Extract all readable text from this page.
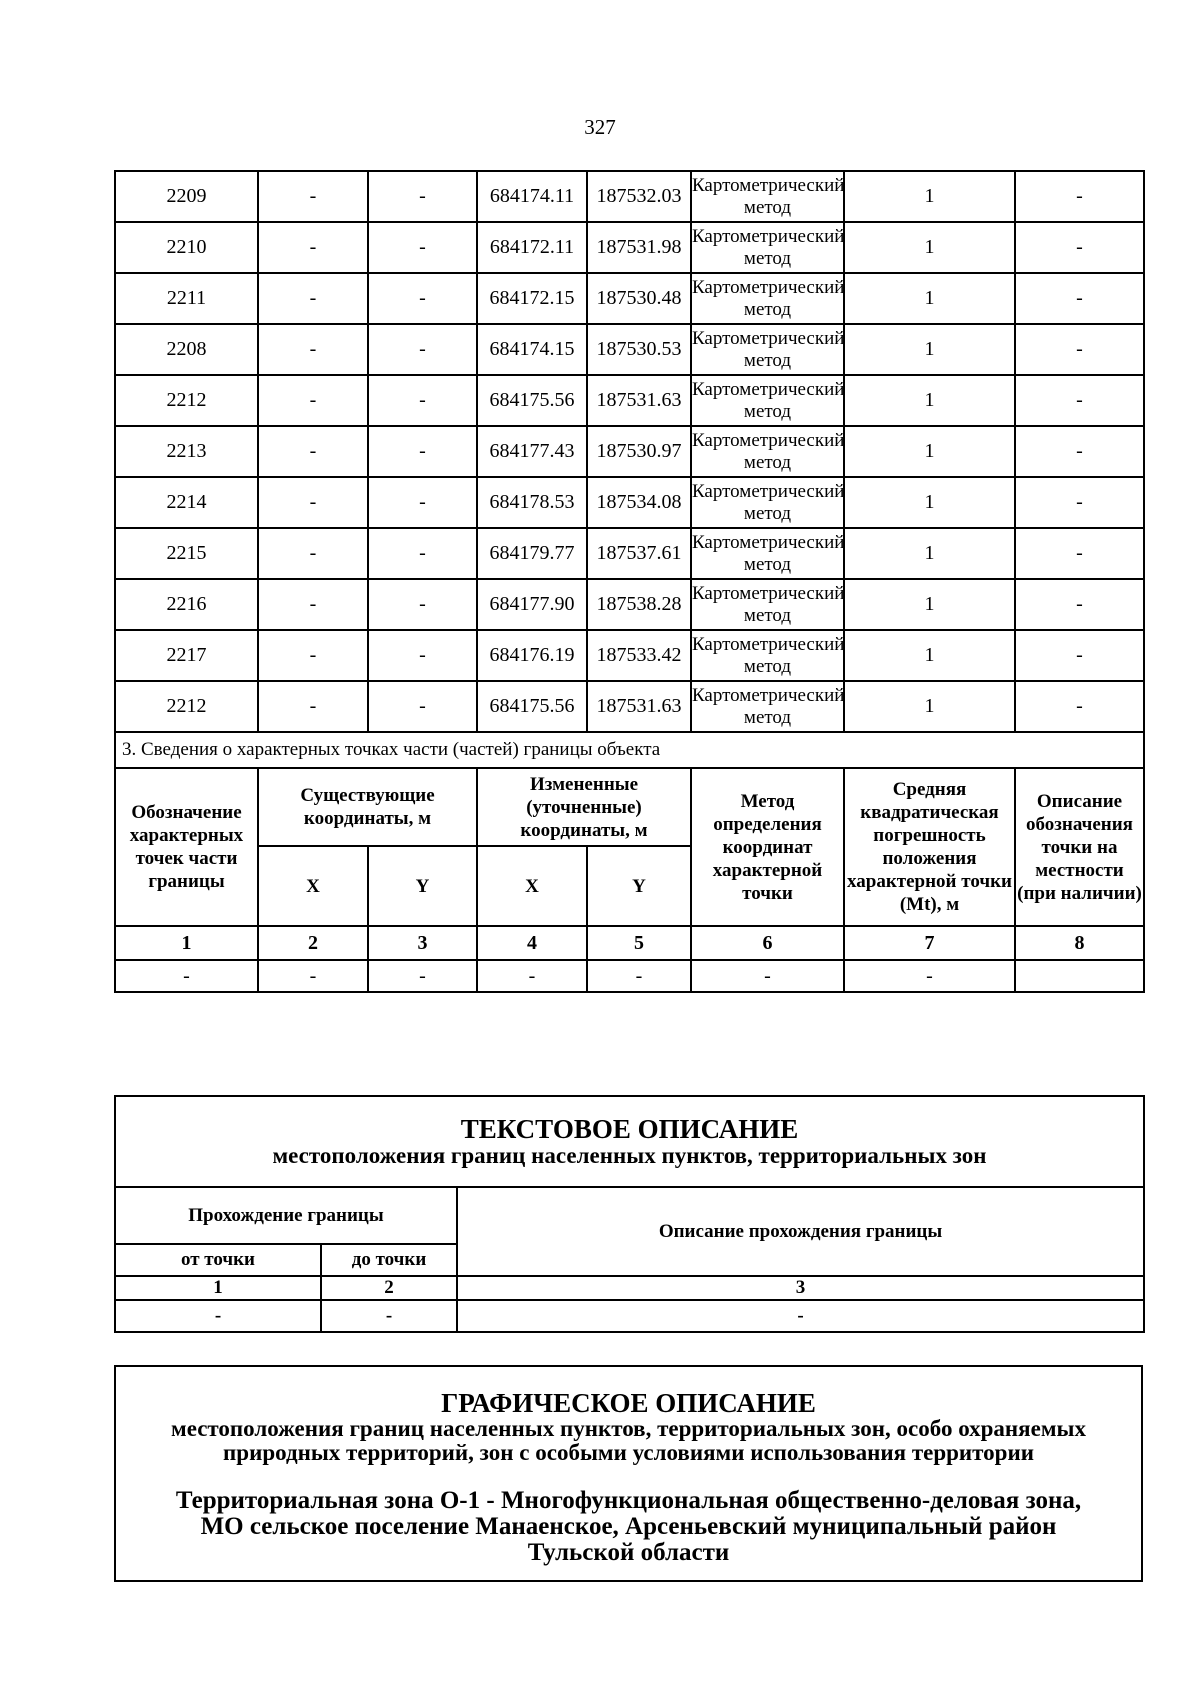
327
2209	-	-	684174.11	187532.03	Картометрический метод	1	-
2210	-	-	684172.11	187531.98	Картометрический метод	1	-
2211	-	-	684172.15	187530.48	Картометрический метод	1	-
2208	-	-	684174.15	187530.53	Картометрический метод	1	-
2212	-	-	684175.56	187531.63	Картометрический метод	1	-
2213	-	-	684177.43	187530.97	Картометрический метод	1	-
2214	-	-	684178.53	187534.08	Картометрический метод	1	-
2215	-	-	684179.77	187537.61	Картометрический метод	1	-
2216	-	-	684177.90	187538.28	Картометрический метод	1	-
2217	-	-	684176.19	187533.42	Картометрический метод	1	-
2212	-	-	684175.56	187531.63	Картометрический метод	1	-
3. Сведения о характерных точках части (частей) границы объекта							
Обозначение характерных точек части границы	Существующие координаты, м		Измененные (уточненные) координаты, м		Метод определения координат характерной точки	Средняя квадратическая погрешность положения характерной точки (Mt), м	Описание обозначения точки на местности (при наличии)
	X	Y	X	Y			
1	2	3	4	5	6	7	8
-	-	-	-	-	-	-	
ТЕКСТОВОЕ ОПИСАНИЕ
местоположения границ населенных пунктов, территориальных зон		

Прохождение границы		Описание прохождения границы
от точки	до точки	
1	2	3
-	-	-
ГРАФИЧЕСКОЕ ОПИСАНИЕ
местоположения границ населенных пунктов, территориальных зон, особо охраняемых природных территорий, зон с особыми условиями использования территории
Территориальная зона О-1 - Многофункциональная общественно-деловая зона, МО сельское поселение Манаенское, Арсеньевский муниципальный район Тульской области
